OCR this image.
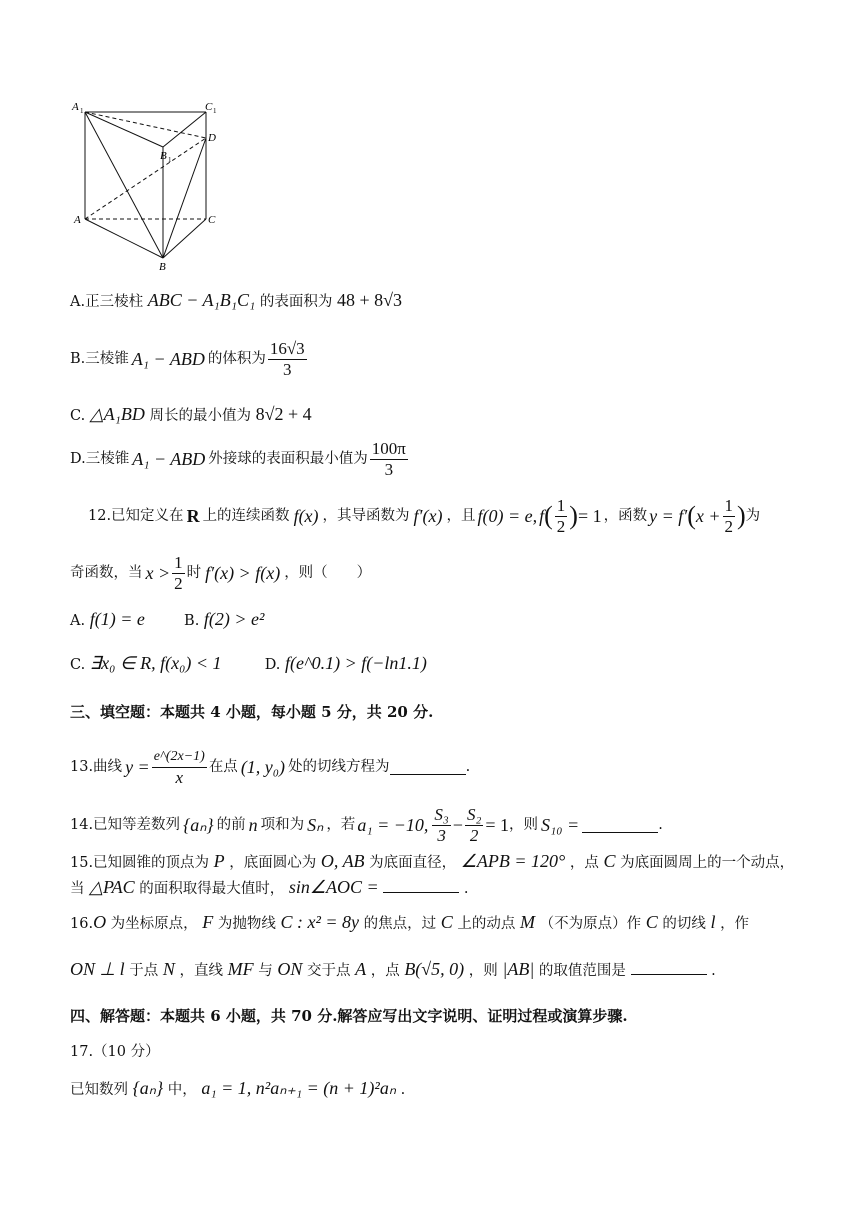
A 1	C 1
D
B 1
A	C
B
A.正三棱柱 ABC − A₁B₁C₁ 的表面积为 48 + 8√3
B.三棱锥 A₁ − ABD 的体积为 $\frac{16√3}{3}$
C. △A₁BD 周长的最小值为 8√2 + 4
D.三棱锥 A₁ − ABD 外接球的表面积最小值为 $\frac{100\pi}{3}$
12.已知定义在 R 上的连续函数 f(x) ，其导函数为 f′(x) ，且 f(0) = e, f ( $\frac{1}{2}$ ) = 1 ，函数 y = f′ ( $x + \frac{1}{2}$ ) 为
奇函数，当 $x > \frac{1}{2}$ 时 f′(x) > f(x) ，则（　　）
A. f(1) = e	B. f(2) > e²
C. ∃x₀ ∈ R, f(x₀) < 1	D. f(e^0.1) > f(−ln1.1)
三、填空题：本题共 4 小题，每小题 5 分，共 20 分.
13.曲线 $y = \frac{e\^{}(2x-1)}{x}$ 在点 (1, y₀) 处的切线方程为	.
14.已知等差数列 {aₙ} 的前 n 项和为 Sₙ ，若 a₁ = −10, $\frac{\text{S₃}}{3} - \frac{\text{S₂}}{2} = 1$ ，则 S₁₀ =	.
15.已知圆锥的顶点为 P ，底面圆心为 O, AB 为底面直径， ∠APB = 120° ，点 C 为底面圆周上的一个动点，
当 △PAC 的面积取得最大值时， sin∠AOC =	.
16.O 为坐标原点， F 为抛物线 C : x² = 8y 的焦点，过 C 上的动点 M （不为原点）作 C 的切线 l ，作
ON ⊥ l 于点 N ，直线 MF 与 ON 交于点 A ，点 B(√5, 0) ，则 |AB| 的取值范围是	.
四、解答题：本题共 6 小题，共 70 分.解答应写出文字说明、证明过程或演算步骤.
17.（10 分）
已知数列 {aₙ} 中， a₁ = 1, n²aₙ₊₁ = (n + 1)²aₙ .
